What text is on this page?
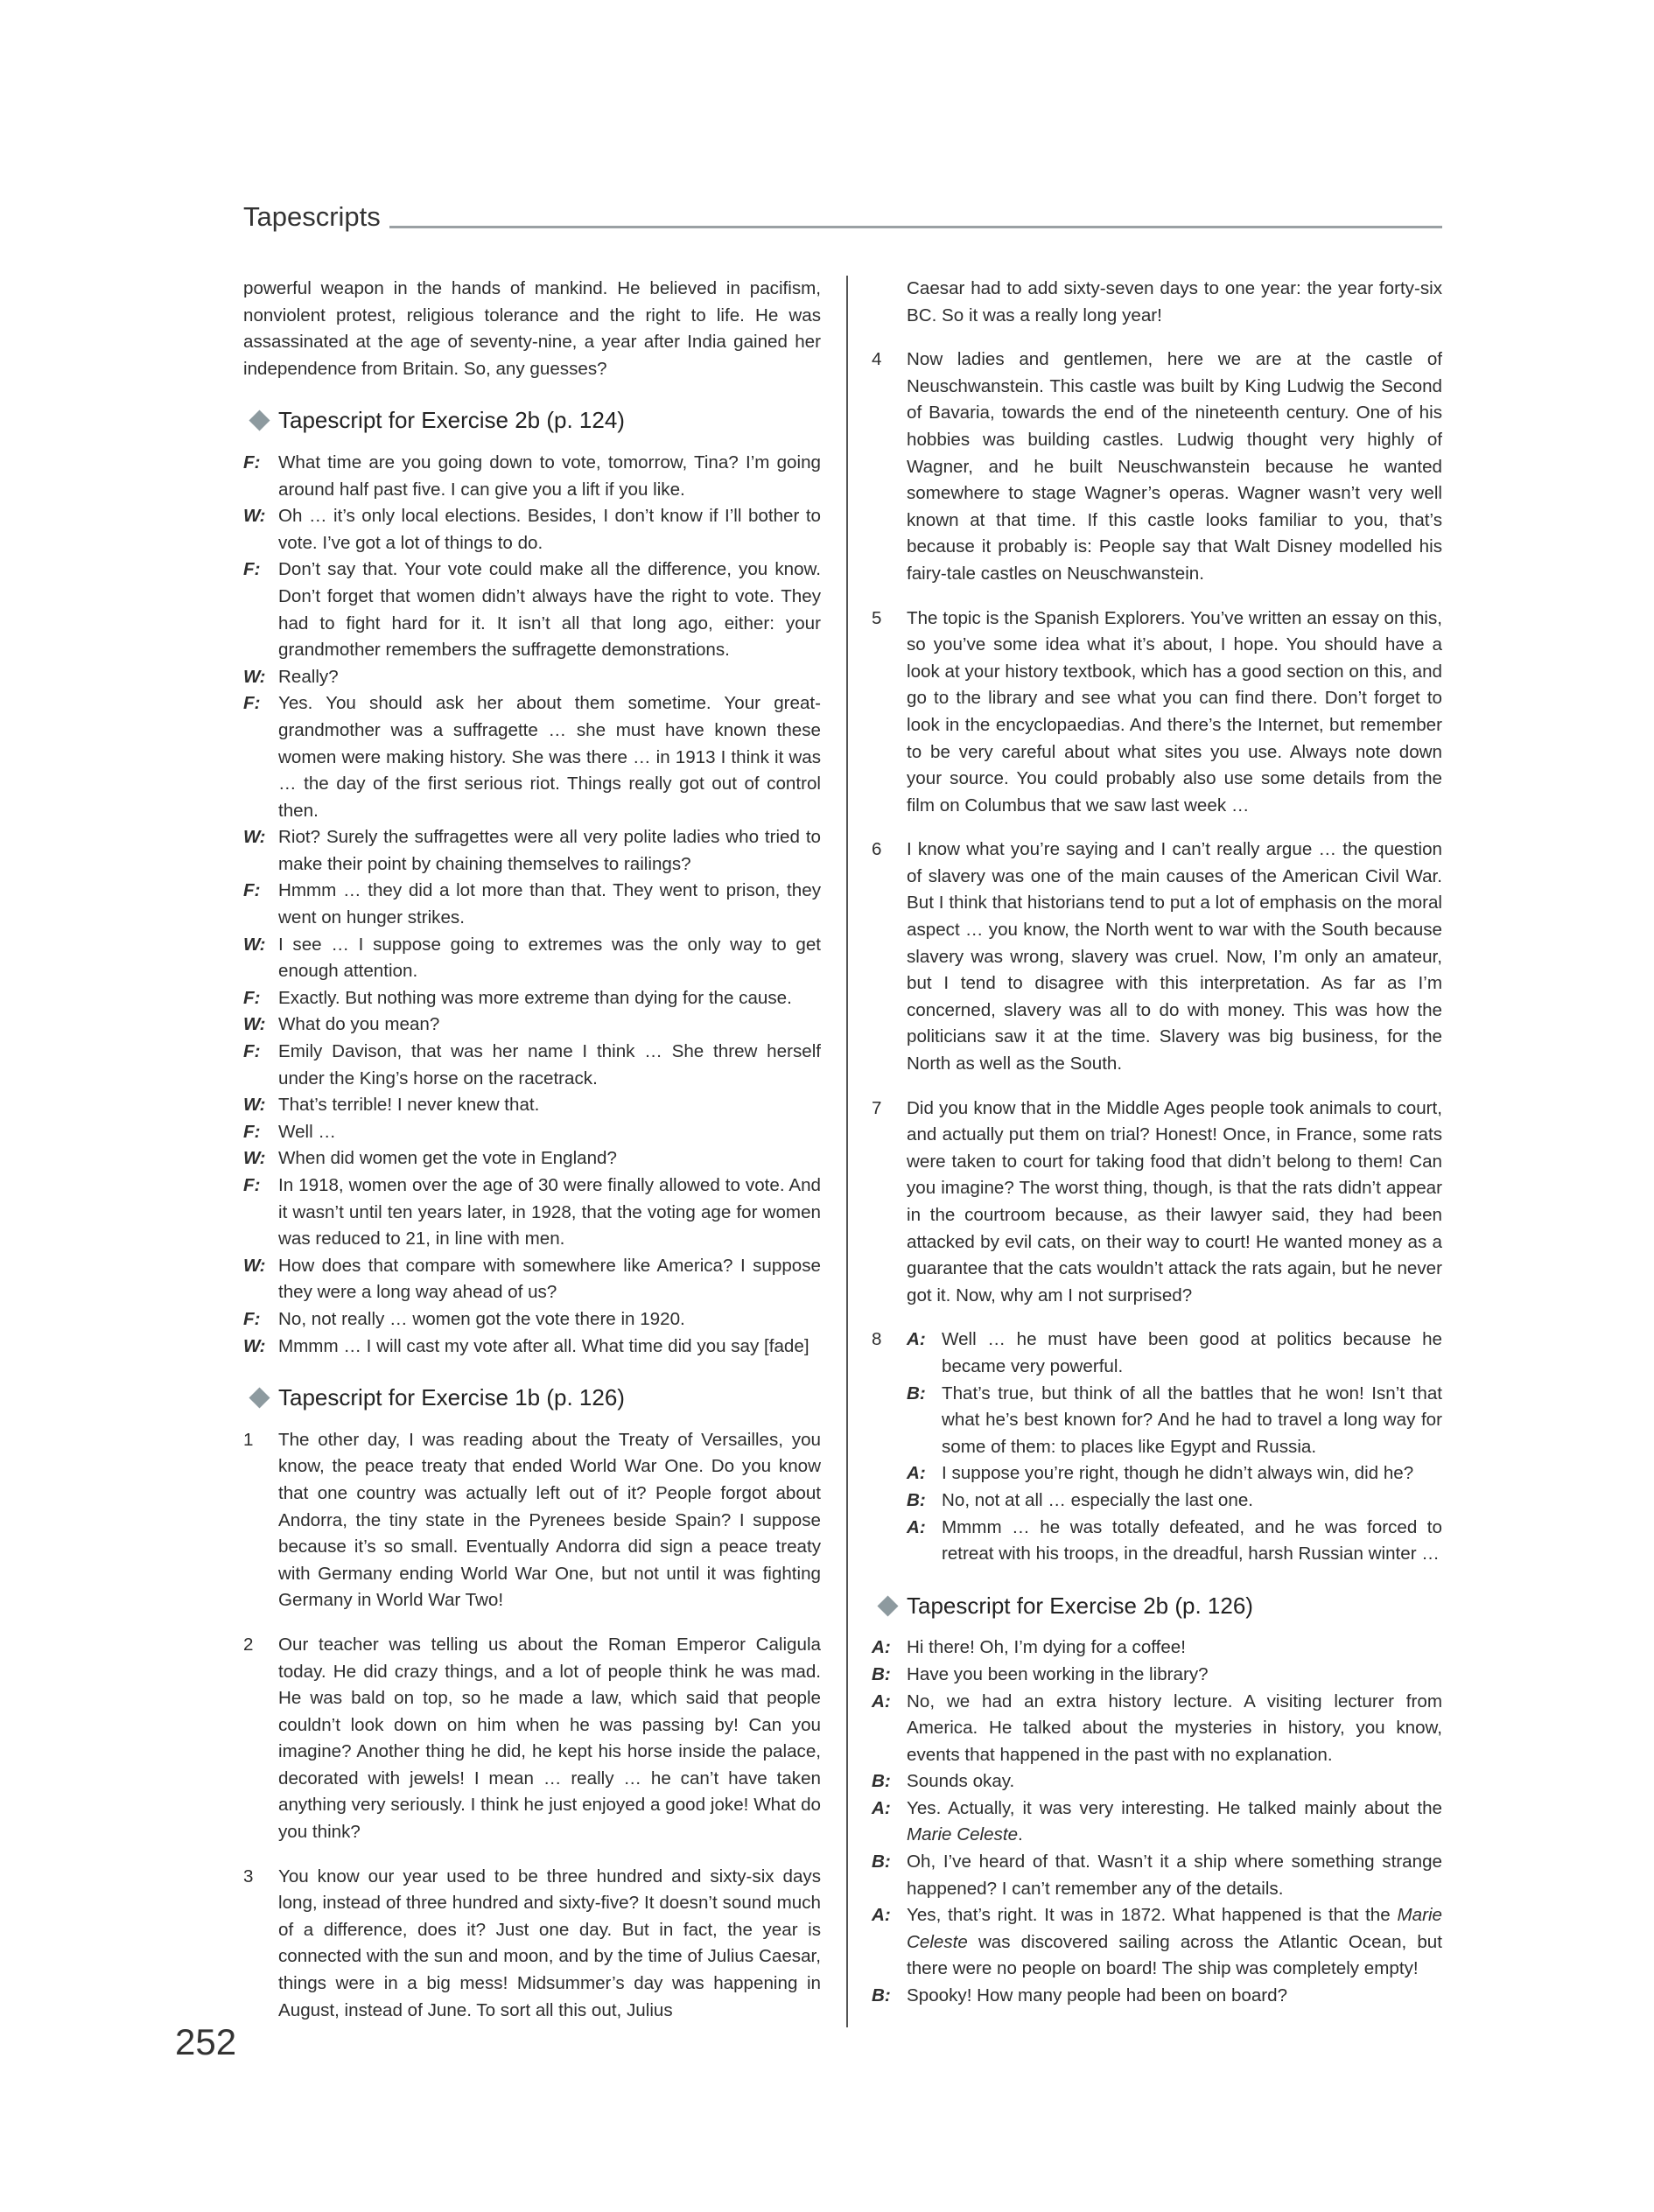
Tapescripts

powerful weapon in the hands of mankind. He believed in pacifism, nonviolent protest, religious tolerance and the right to life. He was assassinated at the age of seventy-nine, a year after India gained her independence from Britain. So, any guesses?

Tapescript for Exercise 2b (p. 124)
F: What time are you going down to vote, tomorrow, Tina? I’m going around half past five. I can give you a lift if you like.
W: Oh … it’s only local elections. Besides, I don’t know if I’ll bother to vote. I’ve got a lot of things to do.
F: Don’t say that. Your vote could make all the difference, you know. Don’t forget that women didn’t always have the right to vote. They had to fight hard for it. It isn’t all that long ago, either: your grandmother remembers the suffragette demonstrations.
W: Really?
F: Yes. You should ask her about them sometime. Your great-grandmother was a suffragette … she must have known these women were making history. She was there … in 1913 I think it was … the day of the first serious riot. Things really got out of control then.
W: Riot? Surely the suffragettes were all very polite ladies who tried to make their point by chaining themselves to railings?
F: Hmmm … they did a lot more than that. They went to prison, they went on hunger strikes.
W: I see … I suppose going to extremes was the only way to get enough attention.
F: Exactly. But nothing was more extreme than dying for the cause.
W: What do you mean?
F: Emily Davison, that was her name I think … She threw herself under the King’s horse on the racetrack.
W: That’s terrible! I never knew that.
F: Well …
W: When did women get the vote in England?
F: In 1918, women over the age of 30 were finally allowed to vote. And it wasn’t until ten years later, in 1928, that the voting age for women was reduced to 21, in line with men.
W: How does that compare with somewhere like America? I suppose they were a long way ahead of us?
F: No, not really … women got the vote there in 1920.
W: Mmmm … I will cast my vote after all. What time did you say [fade]
Tapescript for Exercise 1b (p. 126)
1	The other day, I was reading about the Treaty of Versailles, you know, the peace treaty that ended World War One. Do you know that one country was actually left out of it? People forgot about Andorra, the tiny state in the Pyrenees beside Spain? I suppose because it’s so small. Eventually Andorra did sign a peace treaty with Germany ending World War One, but not until it was fighting Germany in World War Two!
2	Our teacher was telling us about the Roman Emperor Caligula today. He did crazy things, and a lot of people think he was mad. He was bald on top, so he made a law, which said that people couldn’t look down on him when he was passing by! Can you imagine? Another thing he did, he kept his horse inside the palace, decorated with jewels! I mean … really … he can’t have taken anything very seriously. I think he just enjoyed a good joke! What do you think?
3	You know our year used to be three hundred and sixty-six days long, instead of three hundred and sixty-five? It doesn’t sound much of a difference, does it? Just one day. But in fact, the year is connected with the sun and moon, and by the time of Julius Caesar, things were in a big mess! Midsummer’s day was happening in August, instead of June. To sort all this out, Julius
Caesar had to add sixty-seven days to one year: the year forty-six BC. So it was a really long year!
4	Now ladies and gentlemen, here we are at the castle of Neuschwanstein. This castle was built by King Ludwig the Second of Bavaria, towards the end of the nineteenth century. One of his hobbies was building castles. Ludwig thought very highly of Wagner, and he built Neuschwanstein because he wanted somewhere to stage Wagner’s operas. Wagner wasn’t very well known at that time. If this castle looks familiar to you, that’s because it probably is: People say that Walt Disney modelled his fairy-tale castles on Neuschwanstein.
5	The topic is the Spanish Explorers. You’ve written an essay on this, so you’ve some idea what it’s about, I hope. You should have a look at your history textbook, which has a good section on this, and go to the library and see what you can find there. Don’t forget to look in the encyclopaedias. And there’s the Internet, but remember to be very careful about what sites you use. Always note down your source. You could probably also use some details from the film on Columbus that we saw last week …
6	I know what you’re saying and I can’t really argue … the question of slavery was one of the main causes of the American Civil War. But I think that historians tend to put a lot of emphasis on the moral aspect … you know, the North went to war with the South because slavery was wrong, slavery was cruel. Now, I’m only an amateur, but I tend to disagree with this interpretation. As far as I’m concerned, slavery was all to do with money. This was how the politicians saw it at the time. Slavery was big business, for the North as well as the South.
7	Did you know that in the Middle Ages people took animals to court, and actually put them on trial? Honest! Once, in France, some rats were taken to court for taking food that didn’t belong to them! Can you imagine? The worst thing, though, is that the rats didn’t appear in the courtroom because, as their lawyer said, they had been attacked by evil cats, on their way to court! He wanted money as a guarantee that the cats wouldn’t attack the rats again, but he never got it. Now, why am I not surprised?
8	A: Well … he must have been good at politics because he became very powerful.
B: That’s true, but think of all the battles that he won! Isn’t that what he’s best known for? And he had to travel a long way for some of them: to places like Egypt and Russia.
A: I suppose you’re right, though he didn’t always win, did he?
B: No, not at all … especially the last one.
A: Mmmm … he was totally defeated, and he was forced to retreat with his troops, in the dreadful, harsh Russian winter …
Tapescript for Exercise 2b (p. 126)
A: Hi there! Oh, I’m dying for a coffee!
B: Have you been working in the library?
A: No, we had an extra history lecture. A visiting lecturer from America. He talked about the mysteries in history, you know, events that happened in the past with no explanation.
B: Sounds okay.
A: Yes. Actually, it was very interesting. He talked mainly about the Marie Celeste.
B: Oh, I’ve heard of that. Wasn’t it a ship where something strange happened? I can’t remember any of the details.
A: Yes, that’s right. It was in 1872. What happened is that the Marie Celeste was discovered sailing across the Atlantic Ocean, but there were no people on board! The ship was completely empty!
B: Spooky! How many people had been on board?
252
